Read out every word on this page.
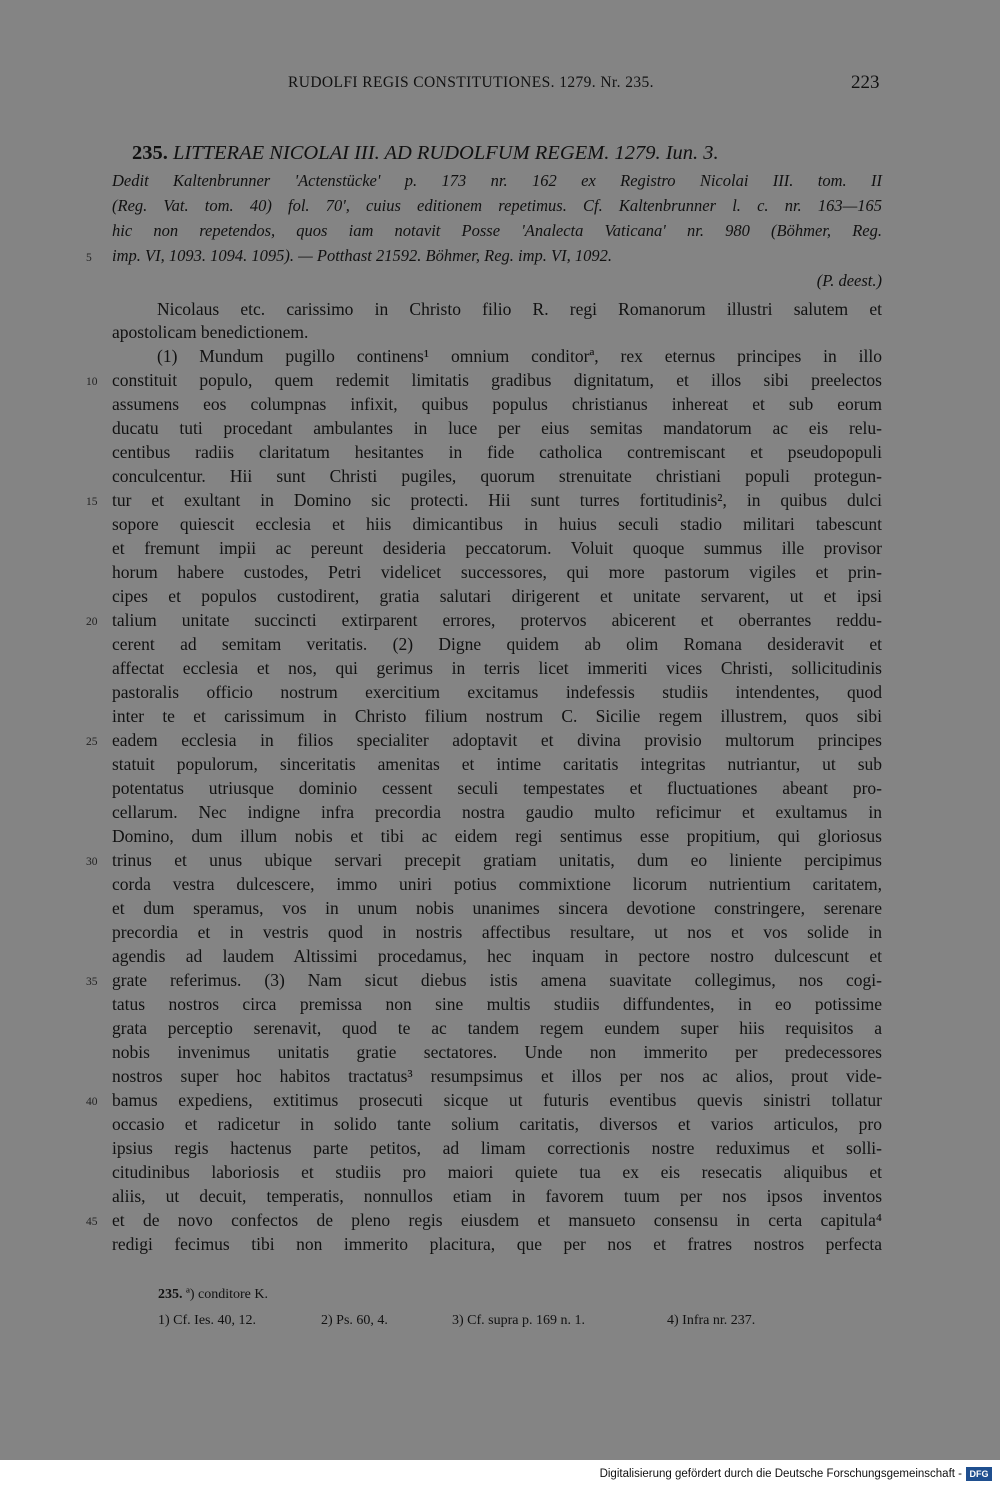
RUDOLFI REGIS CONSTITUTIONES. 1279. Nr. 235.	223
235. LITTERAE NICOLAI III. AD RUDOLFUM REGEM. 1279. Iun. 3.
Dedit Kaltenbrunner 'Actenstücke' p. 173 nr. 162 ex Registro Nicolai III. tom. II
(Reg. Vat. tom. 40) fol. 70', cuius editionem repetimus. Cf. Kaltenbrunner l. c. nr. 163—165
hic non repetendos, quos iam notavit Posse 'Analecta Vaticana' nr. 980 (Böhmer, Reg.
imp. VI, 1093. 1094. 1095). — Potthast 21592. Böhmer, Reg. imp. VI, 1092.
(P. deest.)
Nicolaus etc. carissimo in Christo filio R. regi Romanorum illustri salutem et
apostolicam benedictionem.
(1) Mundum pugillo continens¹ omnium conditorª, rex eternus principes in illo
constituit populo, quem redemit limitatis gradibus dignitatum, et illos sibi preelectos
assumens eos columpnas infixit, quibus populus christianus inhereat et sub eorum
ducatu tuti procedant ambulantes in luce per eius semitas mandatorum ac eis relu-
centibus radiis claritatum hesitantes in fide catholica contremiscant et pseudopopuli
conculcentur. Hii sunt Christi pugiles, quorum strenuitate christiani populi protegun-
tur et exultant in Domino sic protecti. Hii sunt turres fortitudinis², in quibus dulci
sopore quiescit ecclesia et hiis dimicantibus in huius seculi stadio militari tabescunt
et fremunt impii ac pereunt desideria peccatorum. Voluit quoque summus ille provisor
horum habere custodes, Petri videlicet successores, qui more pastorum vigiles et prin-
cipes et populos custodirent, gratia salutari dirigerent et unitate servarent, ut et ipsi
talium unitate succincti extirparent errores, protervos abicerent et oberrantes reddu-
cerent ad semitam veritatis. (2) Digne quidem ab olim Romana desideravit et
affectat ecclesia et nos, qui gerimus in terris licet immeriti vices Christi, sollicitudinis
pastoralis officio nostrum exercitium excitamus indefessis studiis intendentes, quod
inter te et carissimum in Christo filium nostrum C. Sicilie regem illustrem, quos sibi
eadem ecclesia in filios specialiter adoptavit et divina provisio multorum principes
statuit populorum, sinceritatis amenitas et intime caritatis integritas nutriantur, ut sub
potentatus utriusque dominio cessent seculi tempestates et fluctuationes abeant pro-
cellarum. Nec indigne infra precordia nostra gaudio multo reficimur et exultamus in
Domino, dum illum nobis et tibi ac eidem regi sentimus esse propitium, qui gloriosus
trinus et unus ubique servari precepit gratiam unitatis, dum eo liniente percipimus
corda vestra dulcescere, immo uniri potius commixtione licorum nutrientium caritatem,
et dum speramus, vos in unum nobis unanimes sincera devotione constringere, serenare
precordia et in vestris quod in nostris affectibus resultare, ut nos et vos solide in
agendis ad laudem Altissimi procedamus, hec inquam in pectore nostro dulcescunt et
grate referimus. (3) Nam sicut diebus istis amena suavitate collegimus, nos cogi-
tatus nostros circa premissa non sine multis studiis diffundentes, in eo potissime
grata perceptio serenavit, quod te ac tandem regem eundem super hiis requisitos a
nobis invenimus unitatis gratie sectatores. Unde non immerito per predecessores
nostros super hoc habitos tractatus³ resumpsimus et illos per nos ac alios, prout vide-
bamus expediens, extitimus prosecuti sicque ut futuris eventibus quevis sinistri tollatur
occasio et radicetur in solido tante solium caritatis, diversos et varios articulos, pro
ipsius regis hactenus parte petitos, ad limam correctionis nostre reduximus et solli-
citudinibus laboriosis et studiis pro maiori quiete tua ex eis resecatis aliquibus et
aliis, ut decuit, temperatis, nonnullos etiam in favorem tuum per nos ipsos inventos
et de novo confectos de pleno regis eiusdem et mansueto consensu in certa capitula⁴
redigi fecimus tibi non immerito placitura, que per nos et fratres nostros perfecta
5
10
15
20
25
30
35
40
45
235. ª) conditore K.
1) Cf. Ies. 40, 12.	2) Ps. 60, 4.	3) Cf. supra p. 169 n. 1.	4) Infra nr. 237.
Digitalisierung gefördert durch die Deutsche Forschungsgemeinschaft - DFG
